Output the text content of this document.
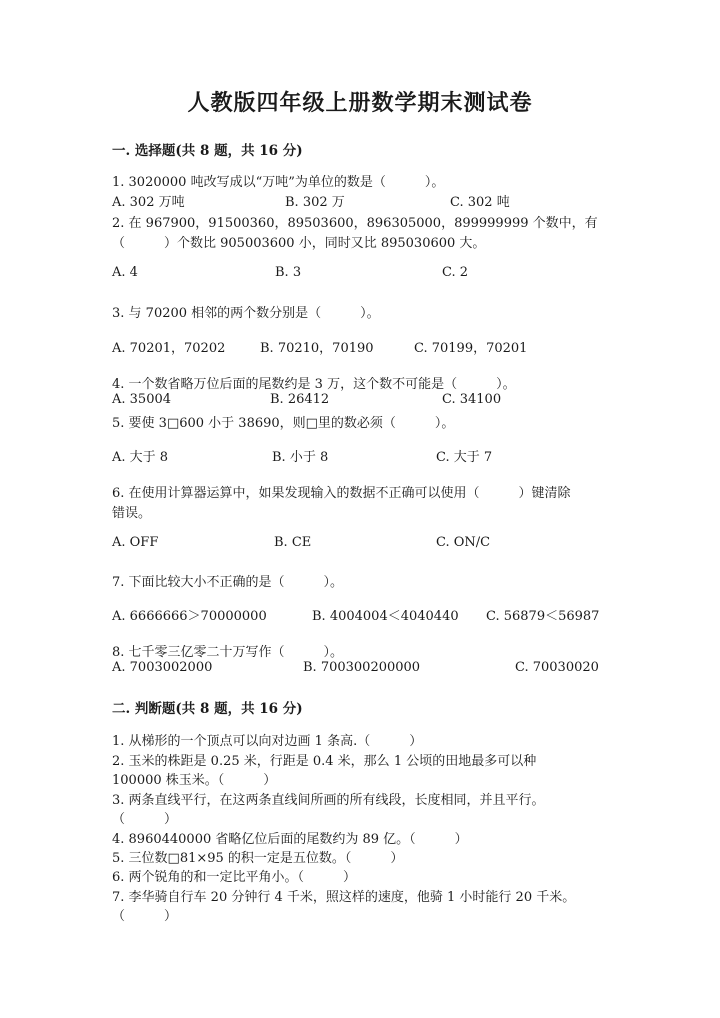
人教版四年级上册数学期末测试卷
一. 选择题(共 8 题，共 16 分)
1. 3020000 吨改写成以“万吨”为单位的数是（　　　）。
A. 302 万吨	B. 302 万	C. 302 吨
2. 在 967900，91500360，89503600，896305000，899999999 个数中，有
（　　　）个数比 905003600 小，同时又比 895030600 大。
A. 4	B. 3	C. 2
3. 与 70200 相邻的两个数分别是（　　　）。
A. 70201，70202	B. 70210，70190	C. 70199，70201
4. 一个数省略万位后面的尾数约是 3 万，这个数不可能是（　　　）。
A. 35004	B. 26412	C. 34100
5. 要使 3□600 小于 38690，则□里的数必须（　　　）。
A. 大于 8	B. 小于 8	C. 大于 7
6. 在使用计算器运算中，如果发现输入的数据不正确可以使用（　　　）键清除
错误。
A. OFF	B. CE	C. ON/C
7. 下面比较大小不正确的是（　　　）。
A. 6666666＞70000000	B. 4004004＜4040440 C. 56879＜56987
8. 七千零三亿零二十万写作（　　　）。
A. 7003002000	B. 700300200000	C. 70030020
二. 判断题(共 8 题，共 16 分)
1. 从梯形的一个顶点可以向对边画 1 条高.（　　　）
2. 玉米的株距是 0.25 米，行距是 0.4 米，那么 1 公顷的田地最多可以种
100000 株玉米。（　　　）
3. 两条直线平行，在这两条直线间所画的所有线段，长度相同，并且平行。
（　　　）
4. 8960440000 省略亿位后面的尾数约为 89 亿。（　　　）
5. 三位数□81×95 的积一定是五位数。（　　　）
6. 两个锐角的和一定比平角小。（　　　）
7. 李华骑自行车 20 分钟行 4 千米，照这样的速度，他骑 1 小时能行 20 千米。
（　　　）
